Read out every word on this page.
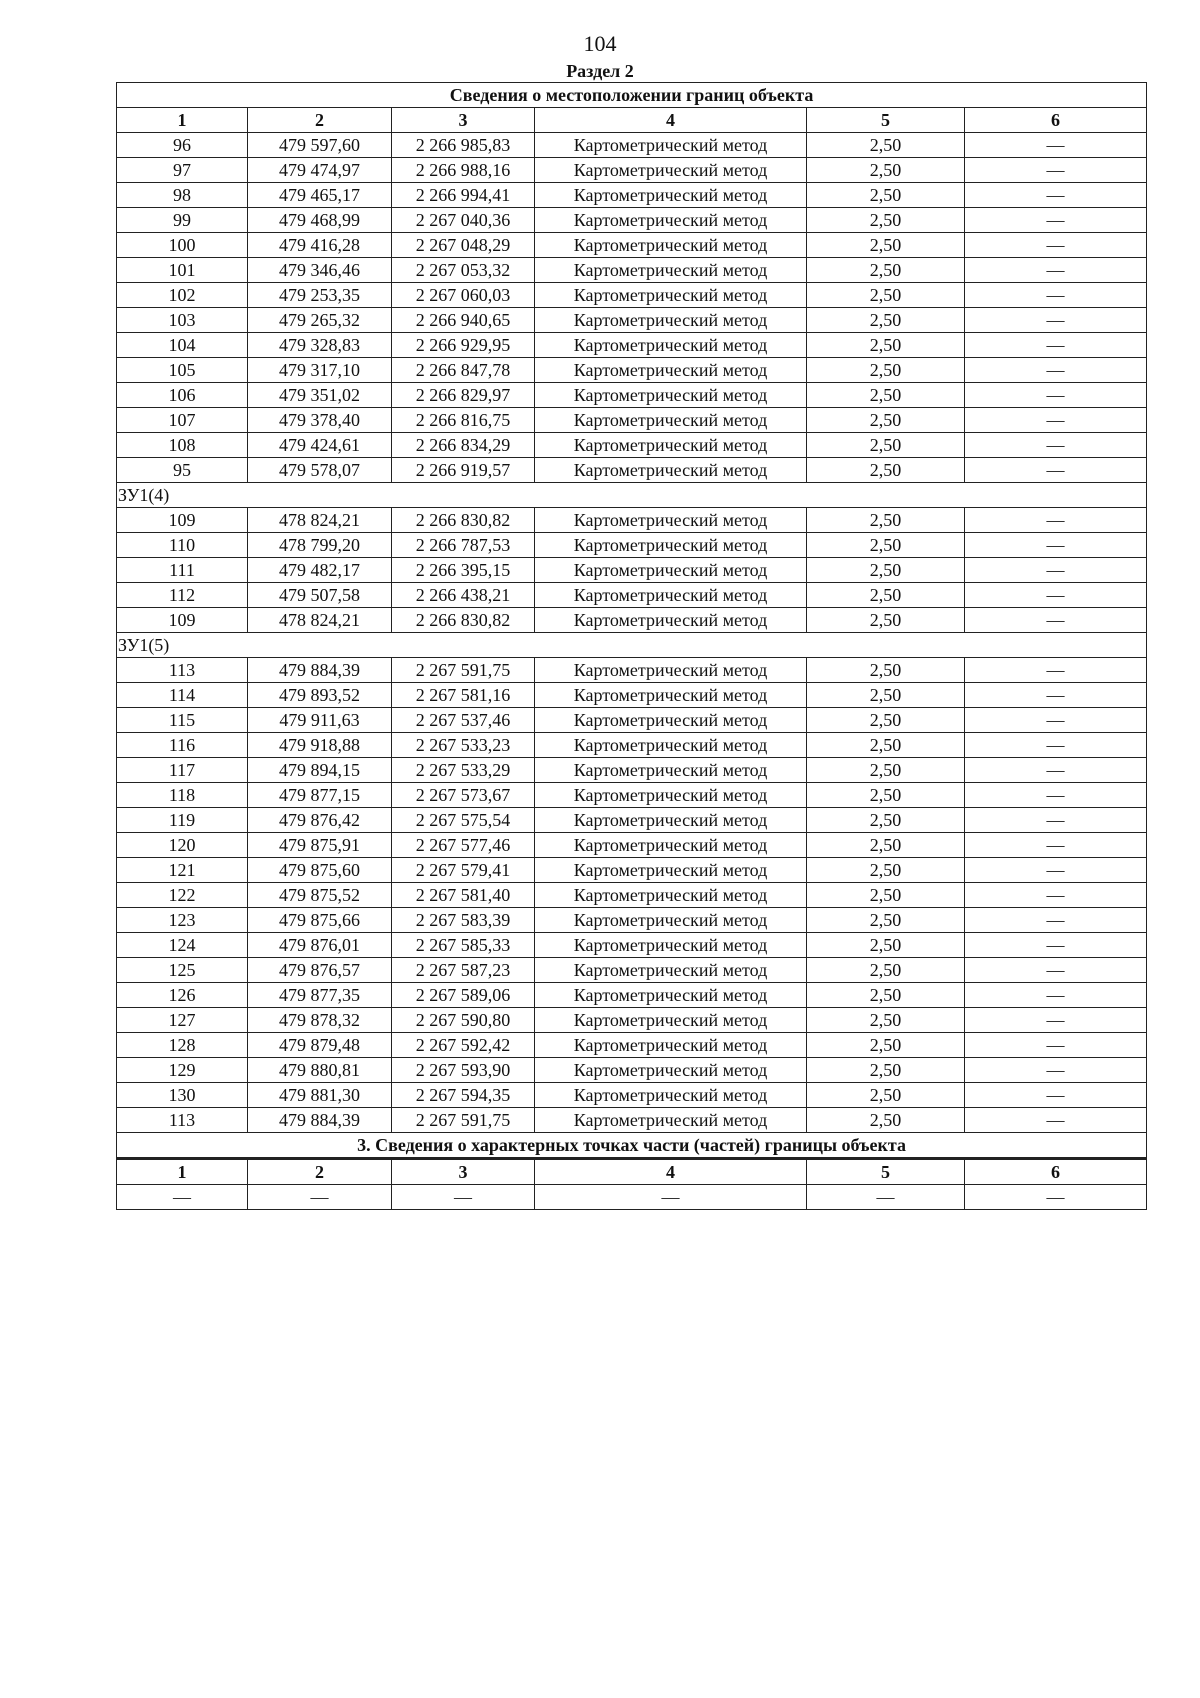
104
Раздел 2
Сведения о местоположении границ объекта					
1	2	3	4	5	6
96	479 597,60	2 266 985,83	Картометрический метод	2,50	—
97	479 474,97	2 266 988,16	Картометрический метод	2,50	—
98	479 465,17	2 266 994,41	Картометрический метод	2,50	—
99	479 468,99	2 267 040,36	Картометрический метод	2,50	—
100	479 416,28	2 267 048,29	Картометрический метод	2,50	—
101	479 346,46	2 267 053,32	Картометрический метод	2,50	—
102	479 253,35	2 267 060,03	Картометрический метод	2,50	—
103	479 265,32	2 266 940,65	Картометрический метод	2,50	—
104	479 328,83	2 266 929,95	Картометрический метод	2,50	—
105	479 317,10	2 266 847,78	Картометрический метод	2,50	—
106	479 351,02	2 266 829,97	Картометрический метод	2,50	—
107	479 378,40	2 266 816,75	Картометрический метод	2,50	—
108	479 424,61	2 266 834,29	Картометрический метод	2,50	—
95	479 578,07	2 266 919,57	Картометрический метод	2,50	—
ЗУ1(4)					
109	478 824,21	2 266 830,82	Картометрический метод	2,50	—
110	478 799,20	2 266 787,53	Картометрический метод	2,50	—
111	479 482,17	2 266 395,15	Картометрический метод	2,50	—
112	479 507,58	2 266 438,21	Картометрический метод	2,50	—
109	478 824,21	2 266 830,82	Картометрический метод	2,50	—
ЗУ1(5)					
113	479 884,39	2 267 591,75	Картометрический метод	2,50	—
114	479 893,52	2 267 581,16	Картометрический метод	2,50	—
115	479 911,63	2 267 537,46	Картометрический метод	2,50	—
116	479 918,88	2 267 533,23	Картометрический метод	2,50	—
117	479 894,15	2 267 533,29	Картометрический метод	2,50	—
118	479 877,15	2 267 573,67	Картометрический метод	2,50	—
119	479 876,42	2 267 575,54	Картометрический метод	2,50	—
120	479 875,91	2 267 577,46	Картометрический метод	2,50	—
121	479 875,60	2 267 579,41	Картометрический метод	2,50	—
122	479 875,52	2 267 581,40	Картометрический метод	2,50	—
123	479 875,66	2 267 583,39	Картометрический метод	2,50	—
124	479 876,01	2 267 585,33	Картометрический метод	2,50	—
125	479 876,57	2 267 587,23	Картометрический метод	2,50	—
126	479 877,35	2 267 589,06	Картометрический метод	2,50	—
127	479 878,32	2 267 590,80	Картометрический метод	2,50	—
128	479 879,48	2 267 592,42	Картометрический метод	2,50	—
129	479 880,81	2 267 593,90	Картометрический метод	2,50	—
130	479 881,30	2 267 594,35	Картометрический метод	2,50	—
113	479 884,39	2 267 591,75	Картометрический метод	2,50	—
3. Сведения о характерных точках части (частей) границы объекта					
1	2	3	4	5	6
—	—	—	—	—	—
